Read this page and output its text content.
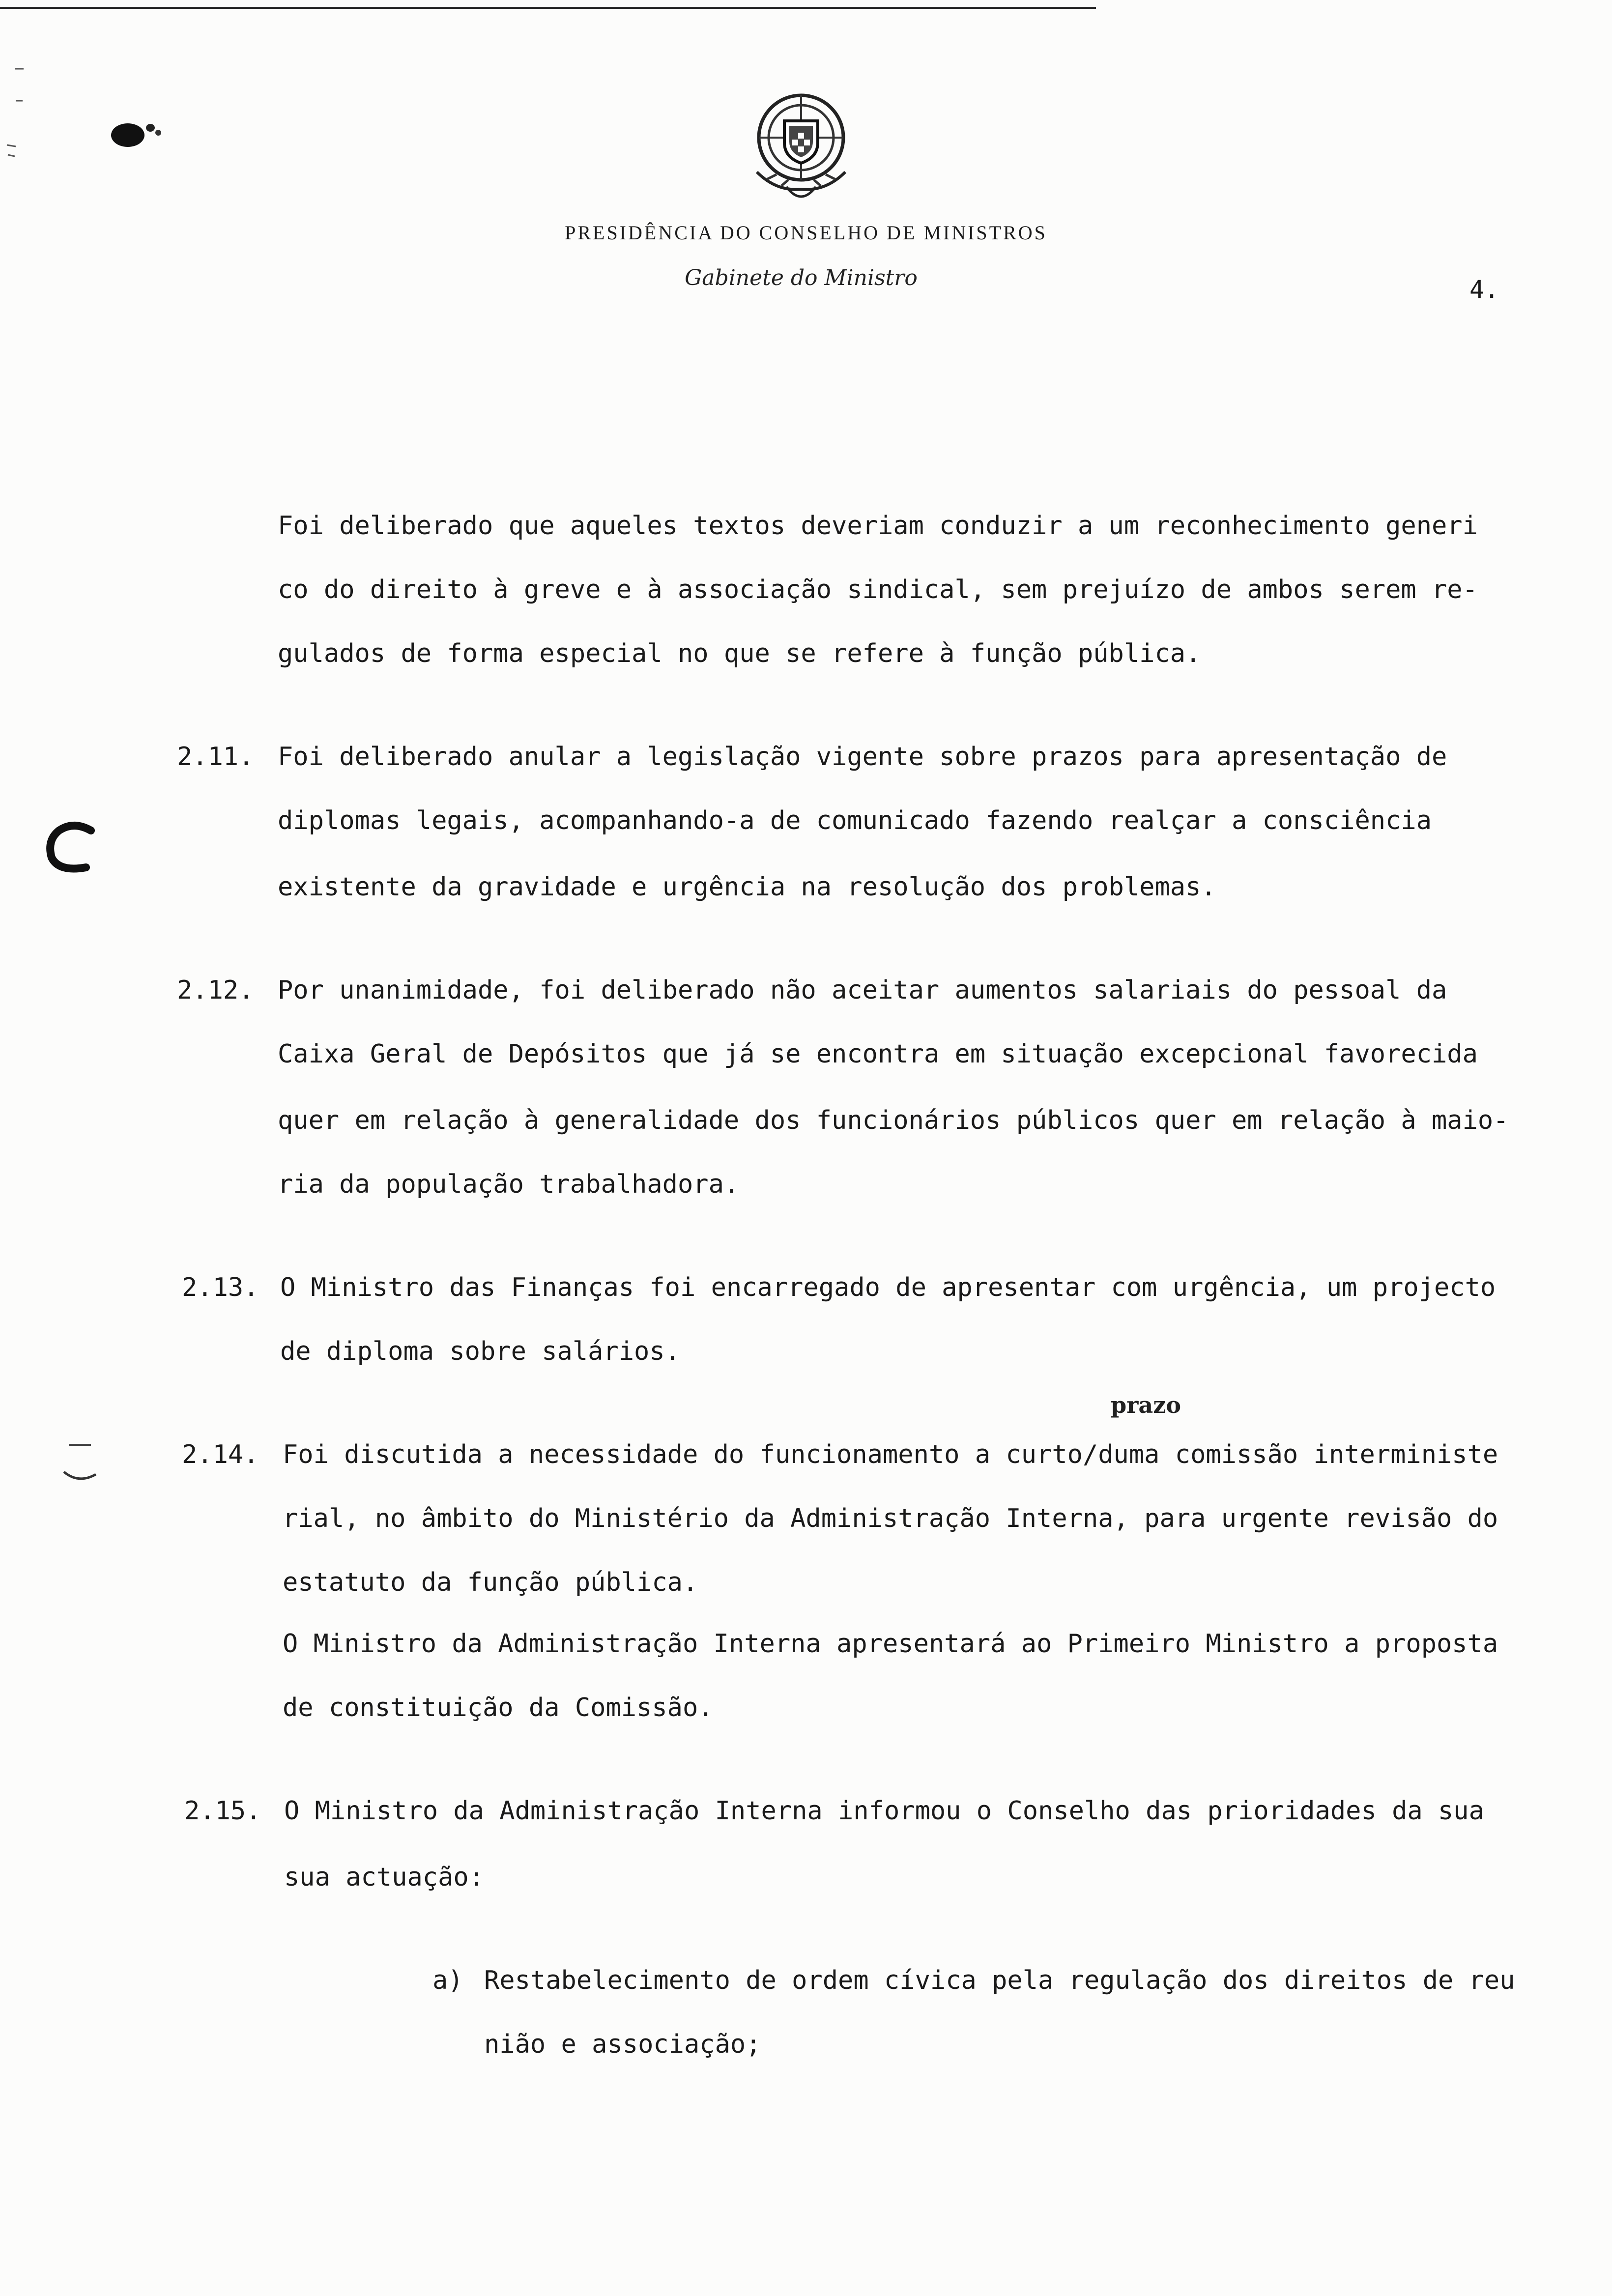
PRESIDÊNCIA DO CONSELHO DE MINISTROS
Gabinete do Ministro	4.
Foi deliberado que aqueles textos deveriam conduzir a um reconhecimento generi
co do direito à greve e à associação sindical, sem prejuízo de ambos serem re-
gulados de forma especial no que se refere à função pública.
2.11. Foi deliberado anular a legislação vigente sobre prazos para apresentação de
diplomas legais, acompanhando-a de comunicado fazendo realçar a consciência
existente da gravidade e urgência na resolução dos problemas.
2.12. Por unanimidade, foi deliberado não aceitar aumentos salariais do pessoal da
Caixa Geral de Depósitos que já se encontra em situação excepcional favorecida
quer em relação à generalidade dos funcionários públicos quer em relação à maio-
ria da população trabalhadora.
2.13. O Ministro das Finanças foi encarregado de apresentar com urgência, um projecto
de diploma sobre salários.
prazo
2.14. Foi discutida a necessidade do funcionamento a curto/duma comissão interministe
rial, no âmbito do Ministério da Administração Interna, para urgente revisão do
estatuto da função pública.
O Ministro da Administração Interna apresentará ao Primeiro Ministro a proposta
de constituição da Comissão.
2.15. O Ministro da Administração Interna informou o Conselho das prioridades da sua
sua actuação:
a) Restabelecimento de ordem cívica pela regulação dos direitos de reu
nião e associação;
